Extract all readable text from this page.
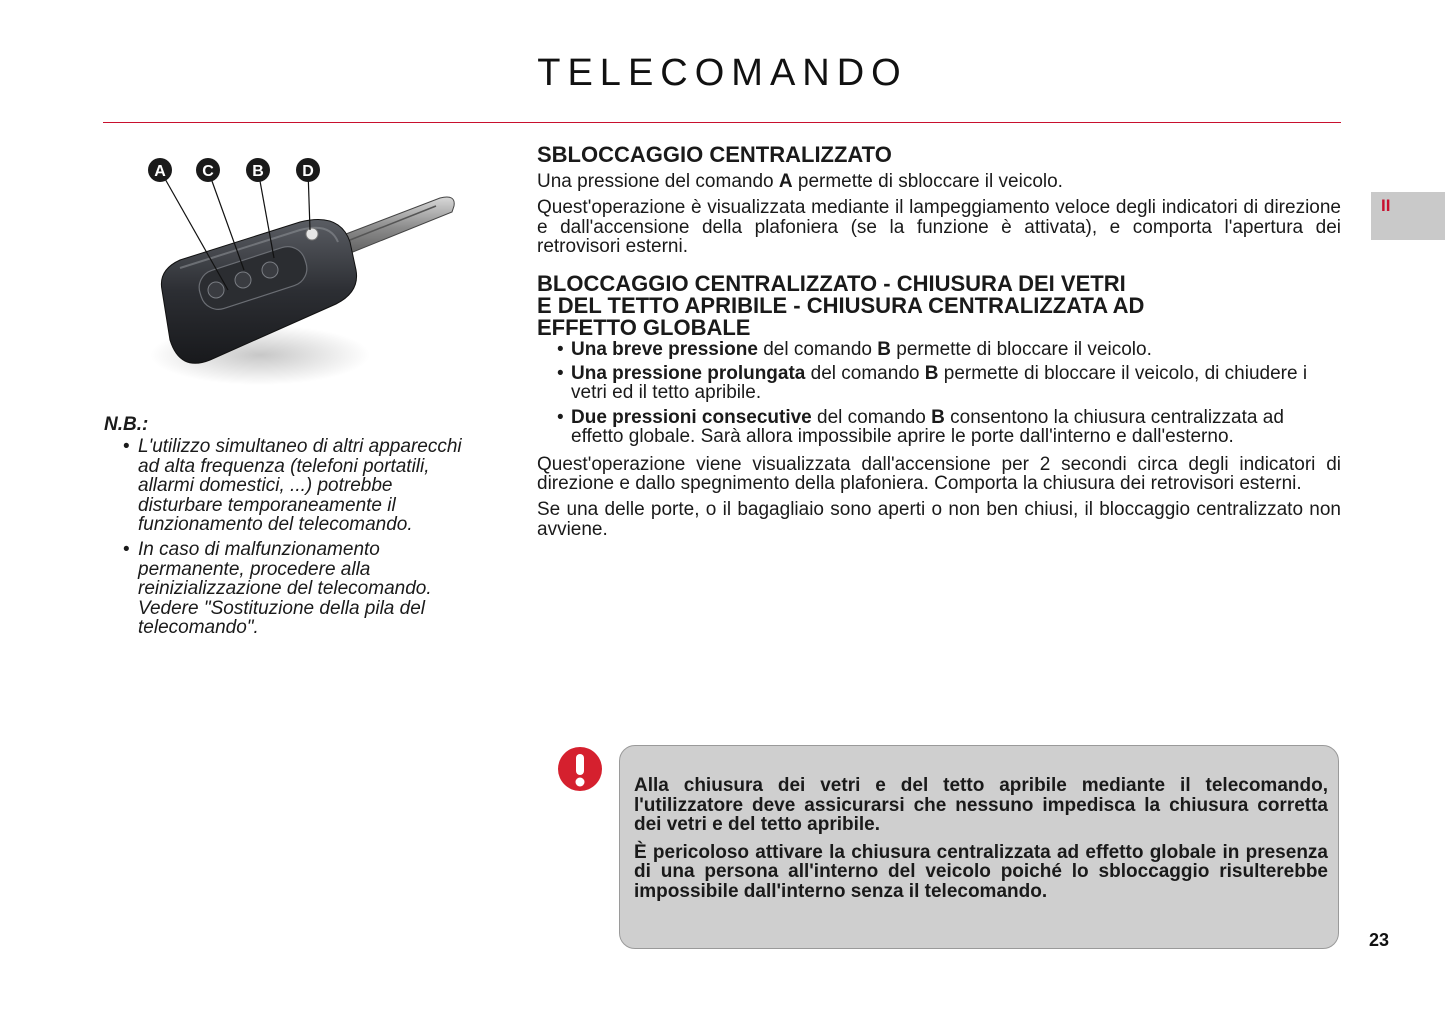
TELECOMANDO
II
A C B D
N.B.:
• L'utilizzo simultaneo di altri apparecchi ad alta frequenza (telefoni portatili, allarmi domestici, ...) potrebbe disturbare temporaneamente il funzionamento del telecomando.
• In caso di malfunzionamento permanente, procedere alla reinizializzazione del telecomando. Vedere "Sostituzione della pila del telecomando".
SBLOCCAGGIO CENTRALIZZATO

Una pressione del comando A permette di sbloccare il veicolo.

Quest'operazione è visualizzata mediante il lampeggiamento veloce degli indicatori di direzione e dall'accensione della plafoniera (se la funzione è attivata), e comporta l'apertura dei retrovisori esterni.

BLOCCAGGIO CENTRALIZZATO - CHIUSURA DEI VETRI
E DEL TETTO APRIBILE - CHIUSURA CENTRALIZZATA AD
EFFETTO GLOBALE
• Una breve pressione del comando B permette di bloccare il veicolo.
• Una pressione prolungata del comando B permette di bloccare il veicolo, di chiudere i vetri ed il tetto apribile.
• Due pressioni consecutive del comando B consentono la chiusura centralizzata ad effetto globale. Sarà allora impossibile aprire le porte dall'interno e dall'esterno.

Quest'operazione viene visualizzata dall'accensione per 2 secondi circa degli indicatori di direzione e dallo spegnimento della plafoniera. Comporta la chiusura dei retrovisori esterni.

Se una delle porte, o il bagagliaio sono aperti o non ben chiusi, il bloccaggio centralizzato non avviene.

Alla chiusura dei vetri e del tetto apribile mediante il telecomando, l'utilizzatore deve assicurarsi che nessuno impedisca la chiusura corretta dei vetri e del tetto apribile.

È pericoloso attivare la chiusura centralizzata ad effetto globale in presenza di una persona all'interno del veicolo poiché lo sbloccaggio risulterebbe impossibile dall'interno senza il telecomando.

23
